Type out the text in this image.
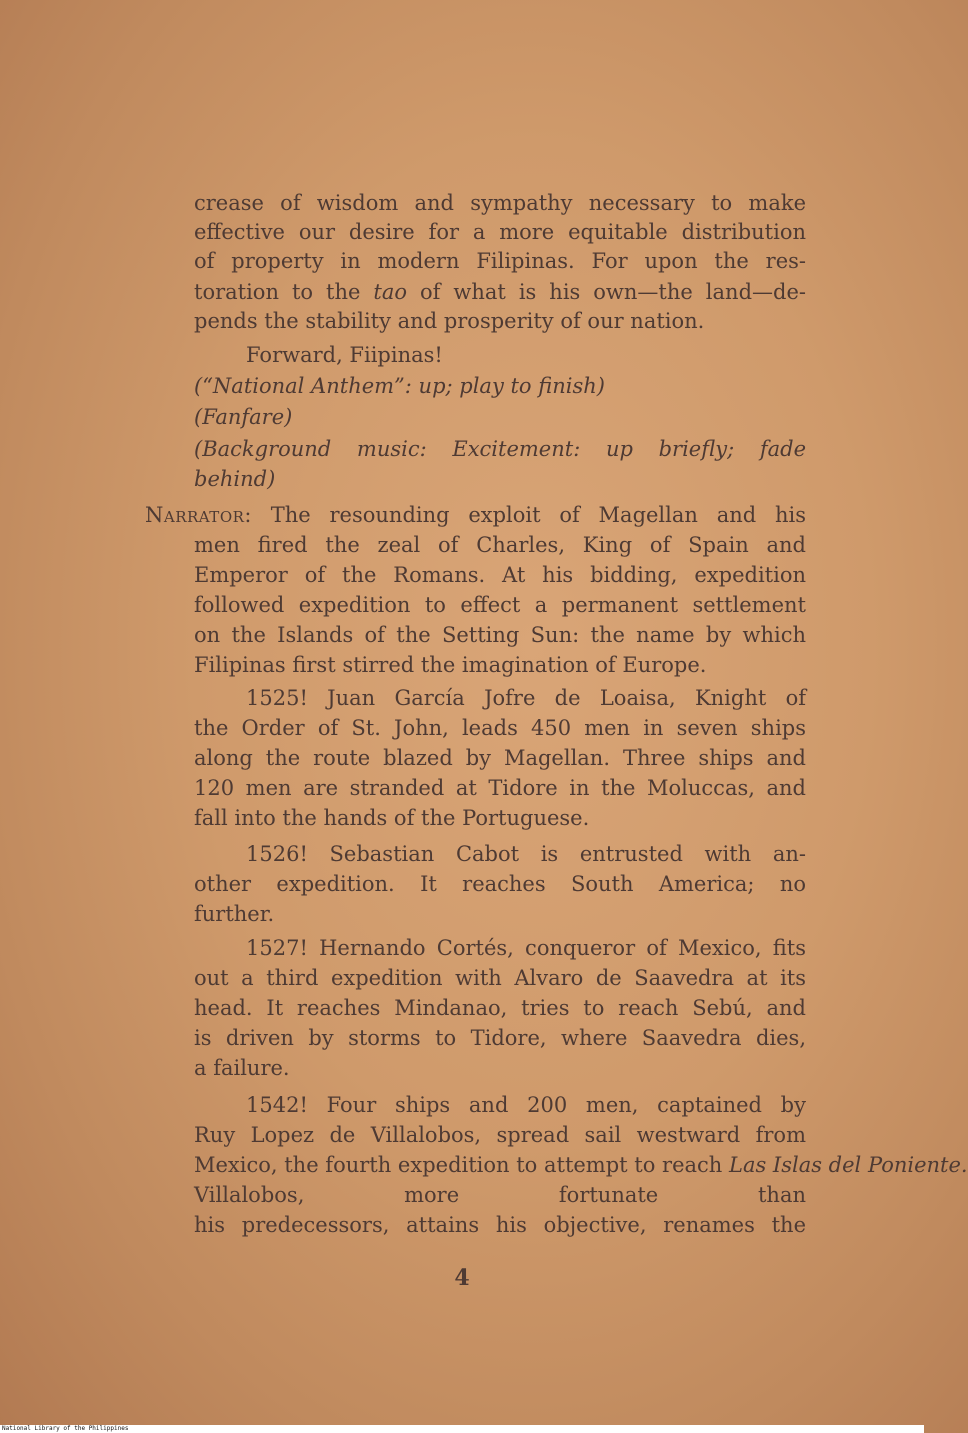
crease of wisdom and sympathy necessary to make
effective our desire for a more equitable distribution
of property in modern Filipinas. For upon the res-
toration to the tao of what is his own—the land—de-
pends the stability and prosperity of our nation.
Forward, Fiipinas!
(“National Anthem”: up; play to finish)
(Fanfare)
(Background music: Excitement: up briefly; fade
behind)
Narrator: The resounding exploit of Magellan and his
men fired the zeal of Charles, King of Spain and
Emperor of the Romans. At his bidding, expedition
followed expedition to effect a permanent settlement
on the Islands of the Setting Sun: the name by which
Filipinas first stirred the imagination of Europe.
1525! Juan García Jofre de Loaisa, Knight of
the Order of St. John, leads 450 men in seven ships
along the route blazed by Magellan. Three ships and
120 men are stranded at Tidore in the Moluccas, and
fall into the hands of the Portuguese.
1526! Sebastian Cabot is entrusted with an-
other expedition. It reaches South America; no
further.
1527! Hernando Cortés, conqueror of Mexico, fits
out a third expedition with Alvaro de Saavedra at its
head. It reaches Mindanao, tries to reach Sebú, and
is driven by storms to Tidore, where Saavedra dies,
a failure.
1542! Four ships and 200 men, captained by
Ruy Lopez de Villalobos, spread sail westward from
Mexico, the fourth expedition to attempt to reach Las Islas del Poniente.
Villalobos, more fortunate than
his predecessors, attains his objective, renames the
4
National Library of the Philippines
